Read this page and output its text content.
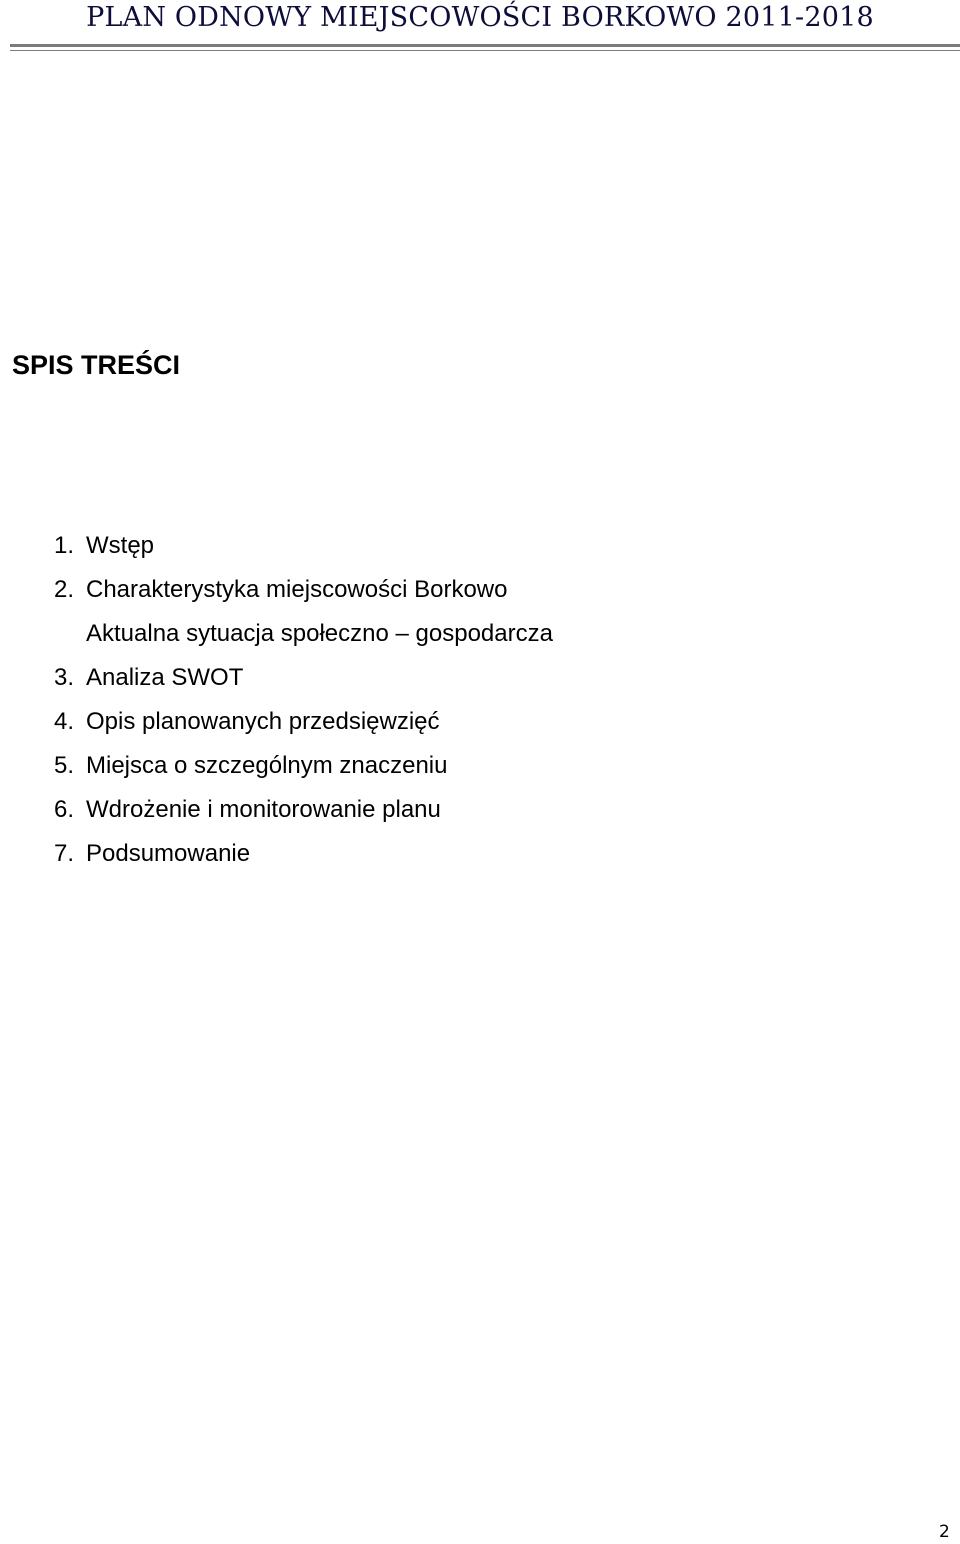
PLAN ODNOWY MIEJSCOWOŚCI BORKOWO 2011-2018
SPIS TREŚCI
1. Wstęp
2. Charakterystyka miejscowości Borkowo
Aktualna sytuacja społeczno – gospodarcza
3. Analiza SWOT
4. Opis planowanych przedsięwzięć
5. Miejsca o szczególnym znaczeniu
6. Wdrożenie i monitorowanie planu
7. Podsumowanie
2
